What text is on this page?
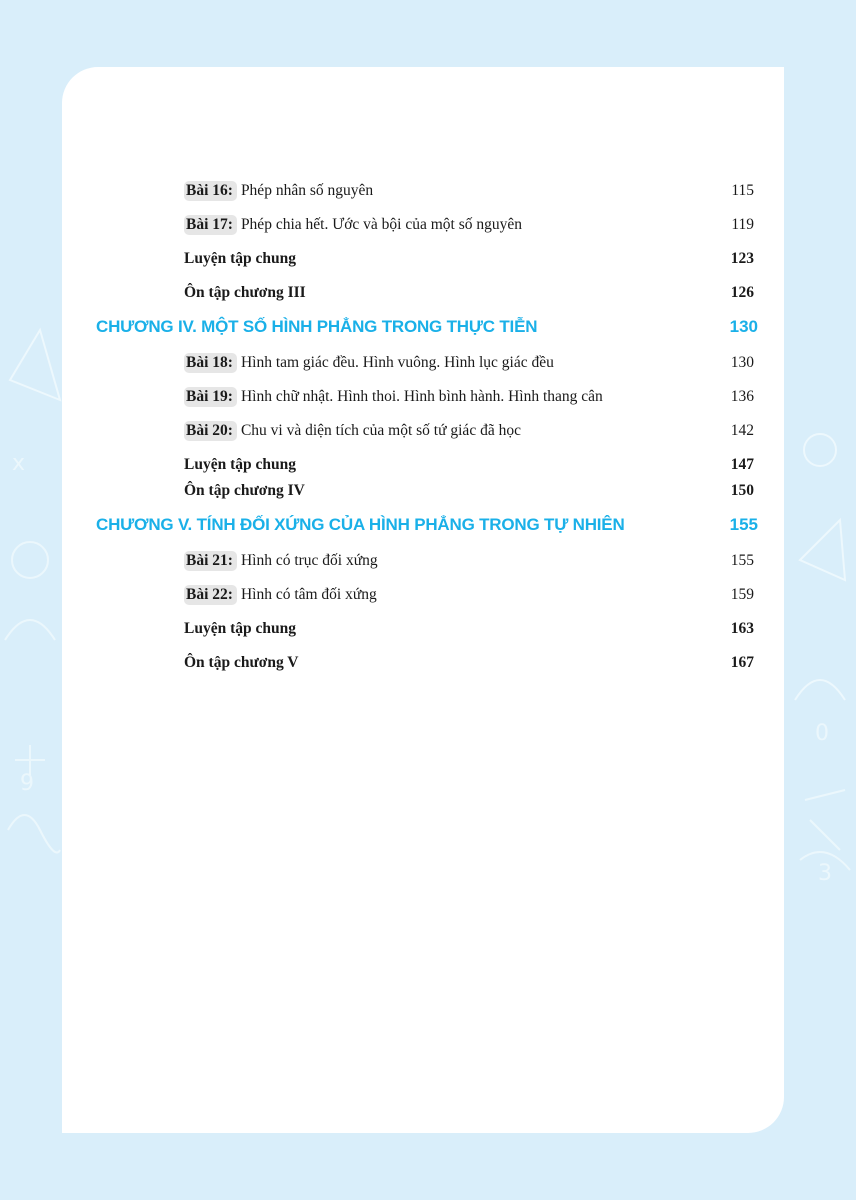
x
9
0
3
Bài 16: Phép nhân số nguyên	115
Bài 17: Phép chia hết. Ước và bội của một số nguyên	119
Luyện tập chung	123
Ôn tập chương III	126
CHƯƠNG IV. MỘT SỐ HÌNH PHẲNG TRONG THỰC TIỄN	130
Bài 18: Hình tam giác đều. Hình vuông. Hình lục giác đều	130
Bài 19: Hình chữ nhật. Hình thoi. Hình bình hành. Hình thang cân	136
Bài 20: Chu vi và diện tích của một số tứ giác đã học	142
Luyện tập chung	147
Ôn tập chương IV	150
CHƯƠNG V. TÍNH ĐỐI XỨNG CỦA HÌNH PHẲNG TRONG TỰ NHIÊN	155
Bài 21: Hình có trục đối xứng	155
Bài 22: Hình có tâm đối xứng	159
Luyện tập chung	163
Ôn tập chương V	167
